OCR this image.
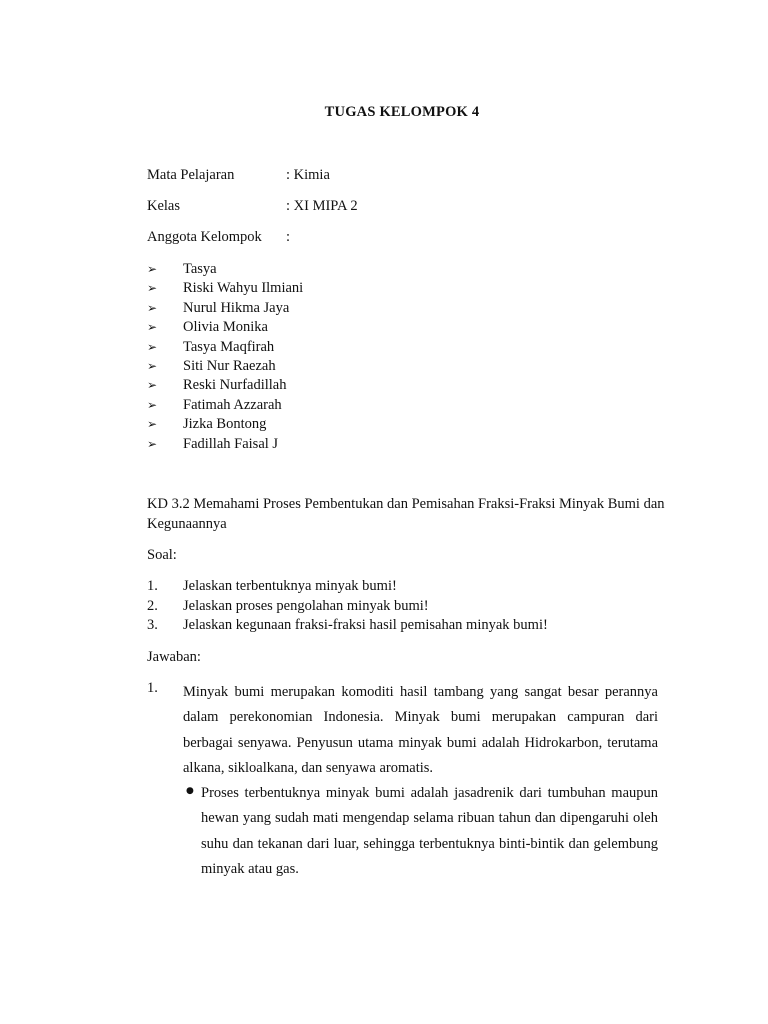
TUGAS KELOMPOK 4
Mata Pelajaran	: Kimia
Kelas	: XI MIPA 2
Anggota Kelompok :
➢ Tasya
➢ Riski Wahyu Ilmiani
➢ Nurul Hikma Jaya
➢ Olivia Monika
➢ Tasya Maqfirah
➢ Siti Nur Raezah
➢ Reski Nurfadillah
➢ Fatimah Azzarah
➢ Jizka Bontong
➢ Fadillah Faisal J
KD 3.2 Memahami Proses Pembentukan dan Pemisahan Fraksi-Fraksi Minyak Bumi dan Kegunaannya
Soal:
1. Jelaskan terbentuknya minyak bumi!
2. Jelaskan proses pengolahan minyak bumi!
3. Jelaskan kegunaan fraksi-fraksi hasil pemisahan minyak bumi!
Jawaban:
1. Minyak bumi merupakan komoditi hasil tambang yang sangat besar perannya dalam perekonomian Indonesia. Minyak bumi merupakan campuran dari berbagai senyawa. Penyusun utama minyak bumi adalah Hidrokarbon, terutama alkana, sikloalkana, dan senyawa aromatis.

● Proses terbentuknya minyak bumi adalah jasadrenik dari tumbuhan maupun hewan yang sudah mati mengendap selama ribuan tahun dan dipengaruhi oleh suhu dan tekanan dari luar, sehingga terbentuknya binti-bintik dan gelembung minyak atau gas.
